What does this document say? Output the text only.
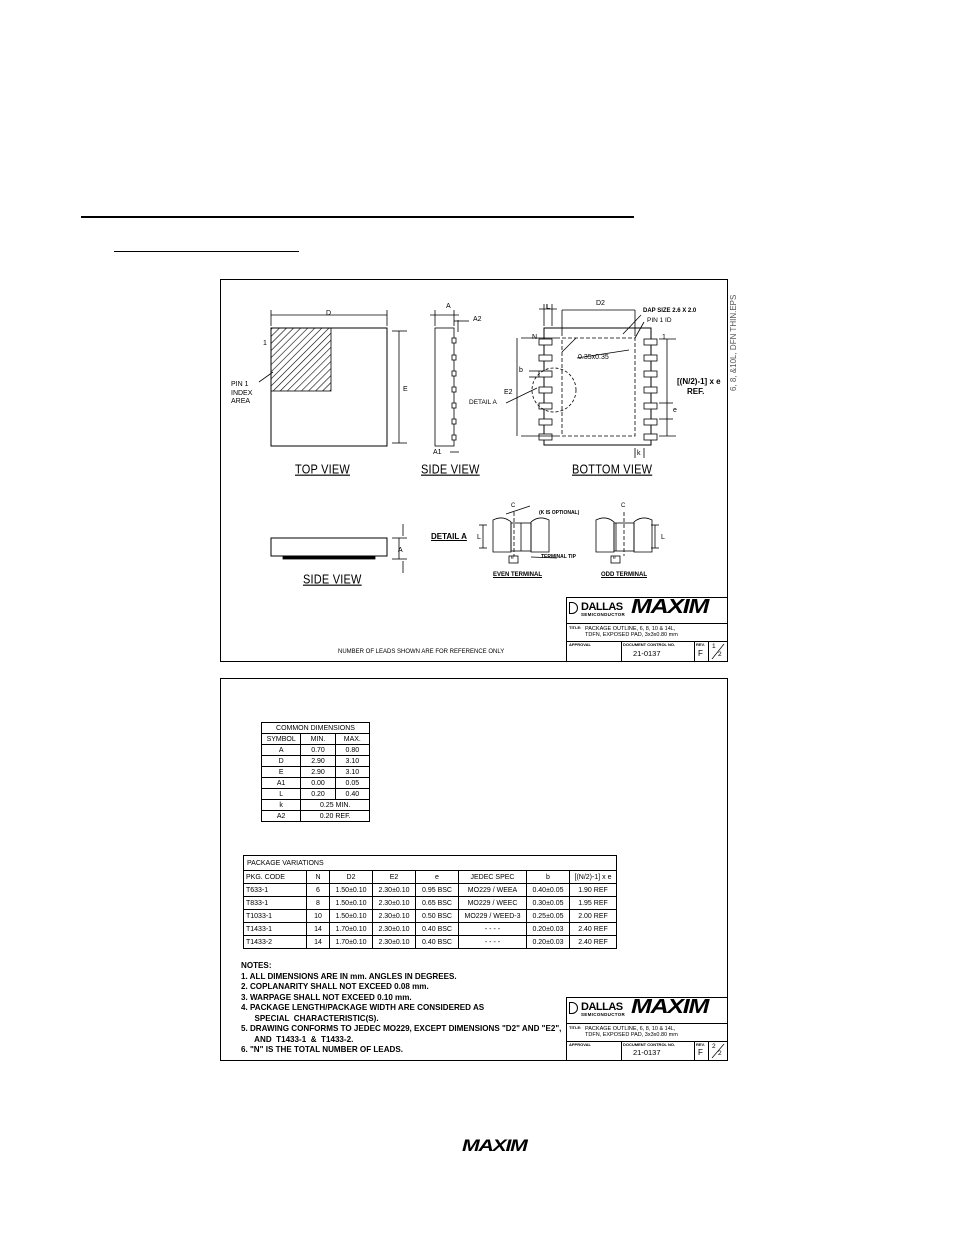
TOP VIEW	SIDE VIEW	BOTTOM VIEW
SIDE VIEW
DETAIL A
D
1
PIN 1
INDEX
AREA
E
A
A2
A1
L
D2
DAP SIZE 2.6 X 2.0
PIN 1 ID
N
b
0.35x0.35
E2
DETAIL A
1
[(N/2)-1] x e
REF.
e
k
A
C
(K IS OPTIONAL)
L
TERMINAL TIP
EVEN TERMINAL
C
L
ODD TERMINAL
e	e
NUMBER OF LEADS SHOWN ARE FOR REFERENCE ONLY
DALLAS
SEMICONDUCTOR MAXIM
TITLE: PACKAGE OUTLINE, 6, 8, 10 & 14L,
TDFN, EXPOSED PAD, 3x3x0.80 mm
APPROVAL	DOCUMENT CONTROL NO.
21-0137
REV.
F
1
2
6, 8, &10L, DFN THIN.EPS
COMMON DIMENSIONS		
SYMBOL	MIN.	MAX.
A	0.70	0.80
D	2.90	3.10
E	2.90	3.10
A1	0.00	0.05
L	0.20	0.40
k	0.25 MIN.	
A2	0.20 REF.	
PACKAGE VARIATIONS							
PKG. CODE	N	D2	E2	e	JEDEC SPEC	b	[(N/2)-1] x e
T633-1	6	1.50±0.10	2.30±0.10	0.95 BSC	MO229 / WEEA	0.40±0.05	1.90 REF
T833-1	8	1.50±0.10	2.30±0.10	0.65 BSC	MO229 / WEEC	0.30±0.05	1.95 REF
T1033-1	10	1.50±0.10	2.30±0.10	0.50 BSC	MO229 / WEED-3	0.25±0.05	2.00 REF
T1433-1	14	1.70±0.10	2.30±0.10	0.40 BSC	- - - -	0.20±0.03	2.40 REF
T1433-2	14	1.70±0.10	2.30±0.10	0.40 BSC	- - - -	0.20±0.03	2.40 REF
NOTES:
1. ALL DIMENSIONS ARE IN mm. ANGLES IN DEGREES.
2. COPLANARITY SHALL NOT EXCEED 0.08 mm.
3. WARPAGE SHALL NOT EXCEED 0.10 mm.
4. PACKAGE LENGTH/PACKAGE WIDTH ARE CONSIDERED AS
SPECIAL  CHARACTERISTIC(S).
5. DRAWING CONFORMS TO JEDEC MO229, EXCEPT DIMENSIONS "D2" AND "E2",
AND  T1433-1  &  T1433-2.
6. "N" IS THE TOTAL NUMBER OF LEADS.
DALLAS
SEMICONDUCTOR MAXIM
TITLE: PACKAGE OUTLINE, 6, 8, 10 & 14L,
TDFN, EXPOSED PAD, 3x3x0.80 mm
APPROVAL	DOCUMENT CONTROL NO.
21-0137
REV.
F
2
2
MAXIM
